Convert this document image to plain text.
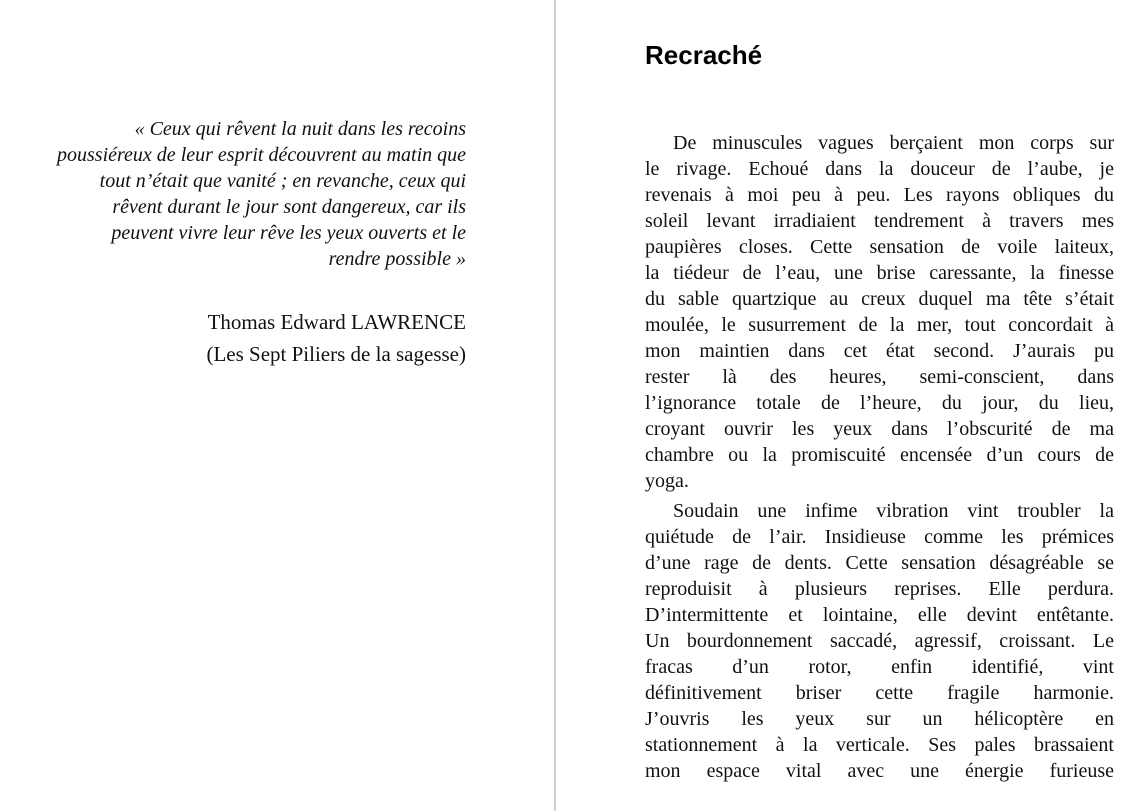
« Ceux qui rêvent la nuit dans les recoins
poussiéreux de leur esprit découvrent au matin que
tout n’était que vanité ; en revanche, ceux qui
rêvent durant le jour sont dangereux, car ils
peuvent vivre leur rêve les yeux ouverts et le
rendre possible »

Thomas Edward LAWRENCE
(Les Sept Piliers de la sagesse)
Recraché

De minuscules vagues berçaient mon corps sur
le rivage. Echoué dans la douceur de l’aube, je
revenais à moi peu à peu. Les rayons obliques du
soleil levant irradiaient tendrement à travers mes
paupières closes. Cette sensation de voile laiteux,
la tiédeur de l’eau, une brise caressante, la finesse
du sable quartzique au creux duquel ma tête s’était
moulée, le susurrement de la mer, tout concordait à
mon maintien dans cet état second. J’aurais pu
rester là des heures, semi-conscient, dans
l’ignorance totale de l’heure, du jour, du lieu,
croyant ouvrir les yeux dans l’obscurité de ma
chambre ou la promiscuité encensée d’un cours de
yoga.

Soudain une infime vibration vint troubler la
quiétude de l’air. Insidieuse comme les prémices
d’une rage de dents. Cette sensation désagréable se
reproduisit à plusieurs reprises. Elle perdura.
D’intermittente et lointaine, elle devint entêtante.
Un bourdonnement saccadé, agressif, croissant. Le
fracas d’un rotor, enfin identifié, vint
définitivement briser cette fragile harmonie.
J’ouvris les yeux sur un hélicoptère en
stationnement à la verticale. Ses pales brassaient
mon espace vital avec une énergie furieuse
